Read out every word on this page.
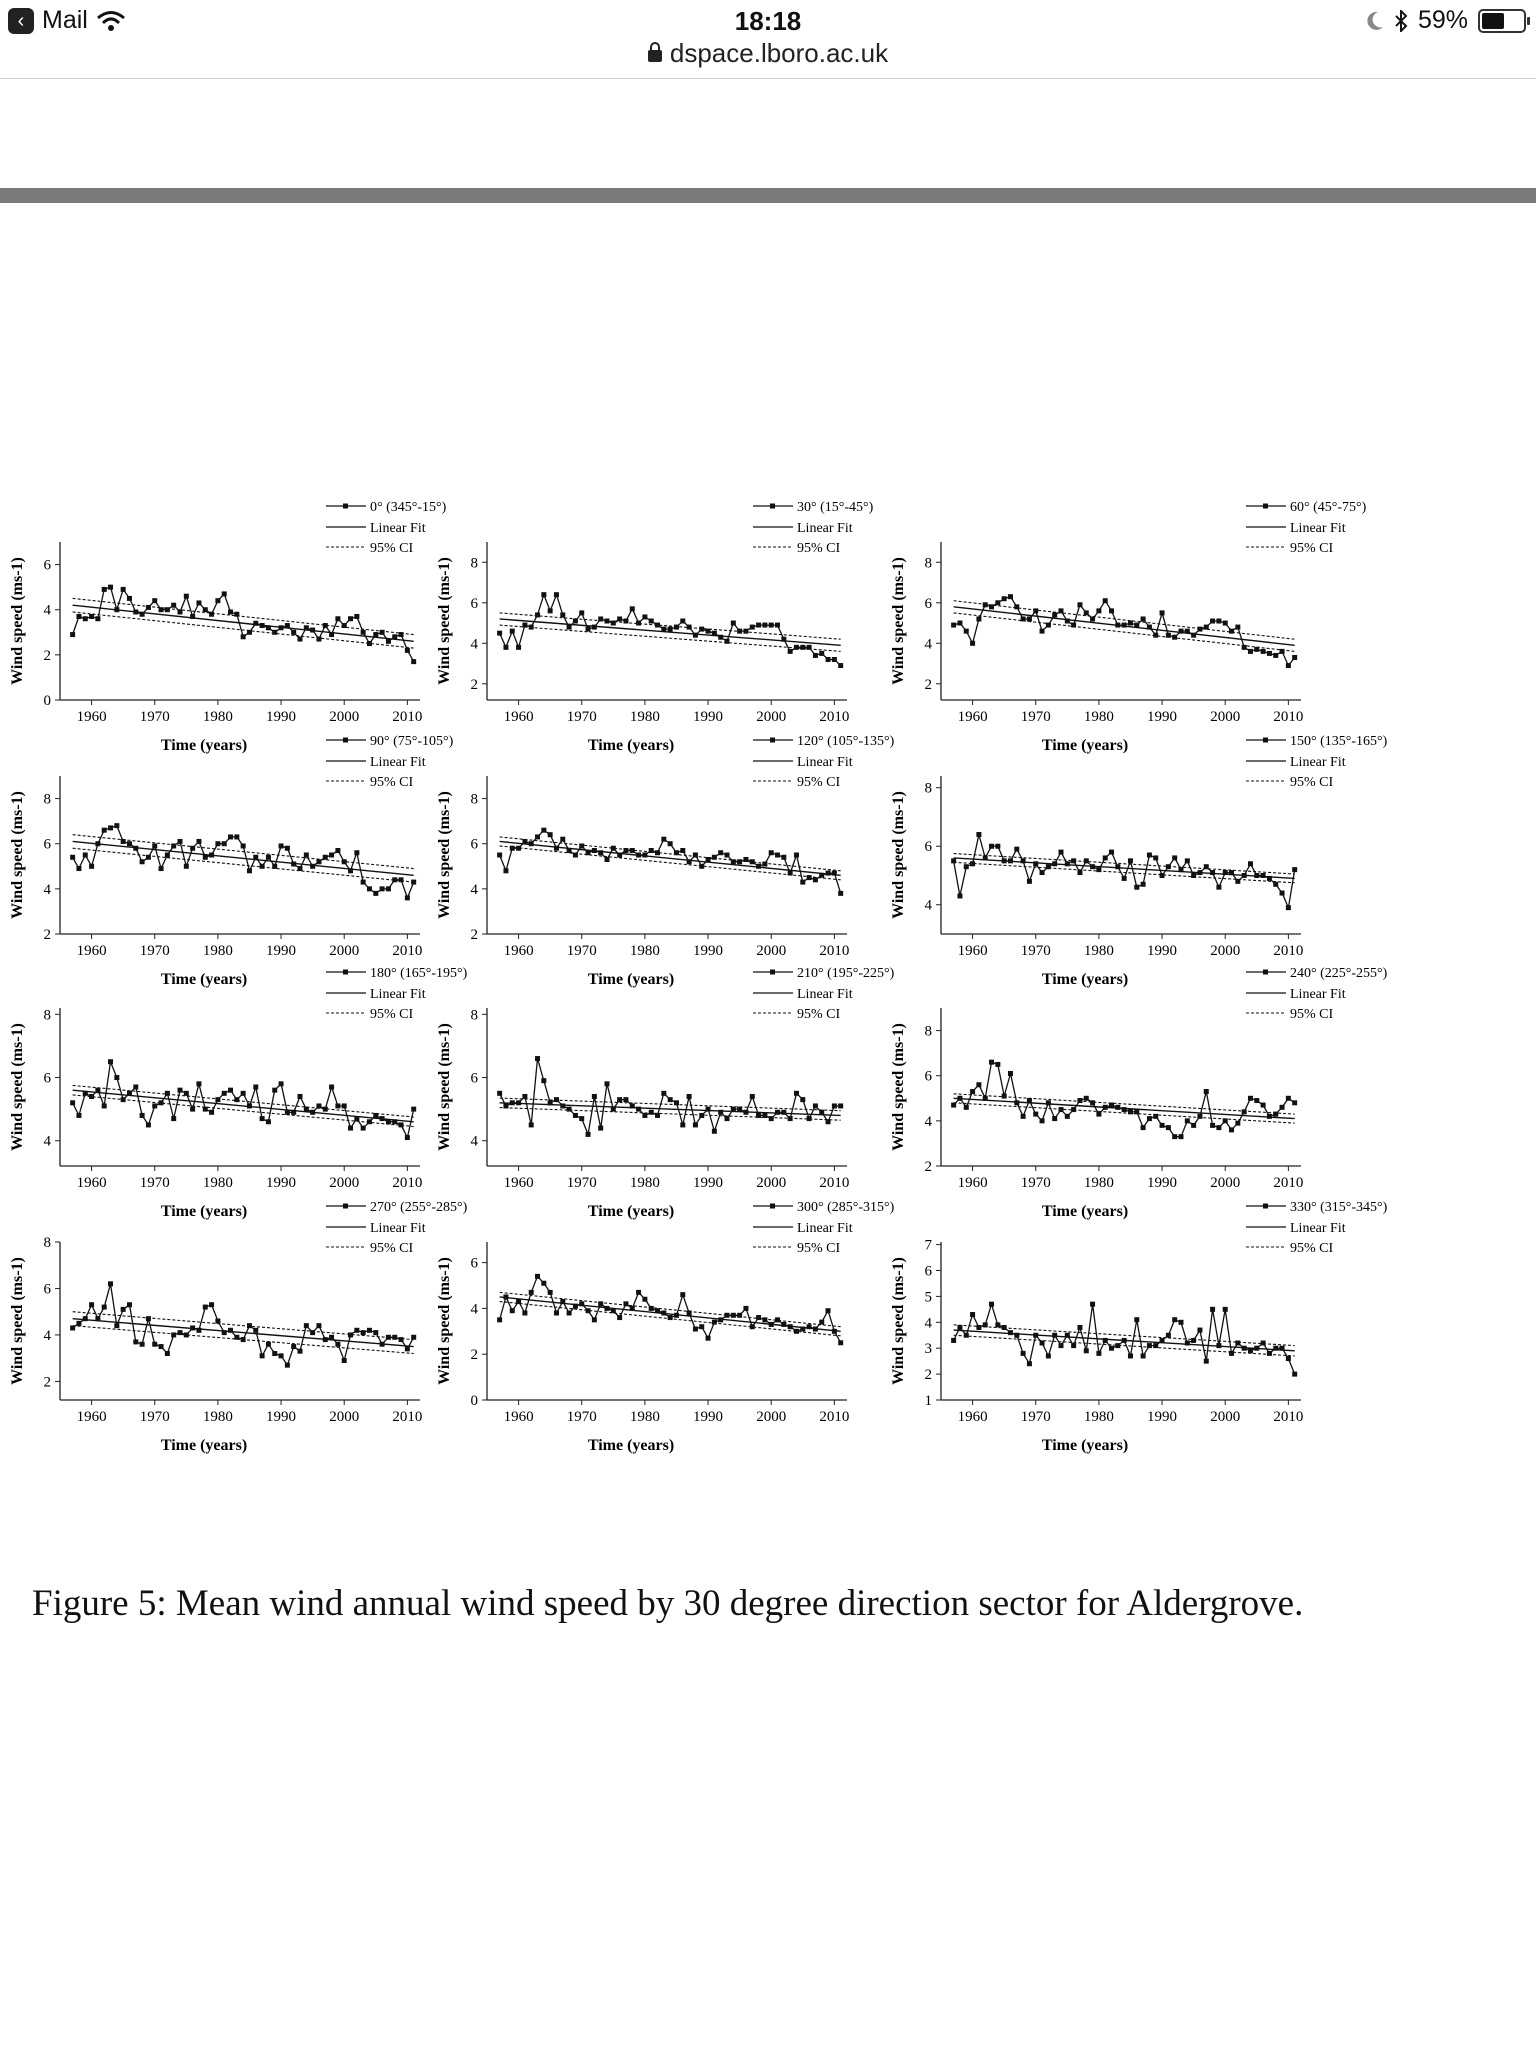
‹ Mail	18:18	59%
dspace.lboro.ac.uk
1960 1970 1980 1990 2000 2010
0
2
4
6
Time (years)
Wind speed (ms-1)
0° (345°-15°)
Linear Fit
95% CI
1960 1970 1980 1990 2000 2010
2
4
6
8
Time (years)
Wind speed (ms-1)
30° (15°-45°)
Linear Fit
95% CI
1960 1970 1980 1990 2000 2010
2
4
6
8
Time (years)
Wind speed (ms-1)
60° (45°-75°)
Linear Fit
95% CI
1960 1970 1980 1990 2000 2010
2
4
6
8
Time (years)
Wind speed (ms-1)
90° (75°-105°)
Linear Fit
95% CI
1960 1970 1980 1990 2000 2010
2
4
6
8
Time (years)
Wind speed (ms-1)
120° (105°-135°)
Linear Fit
95% CI
1960 1970 1980 1990 2000 2010
4
6
8
Time (years)
Wind speed (ms-1)
150° (135°-165°)
Linear Fit
95% CI
1960 1970 1980 1990 2000 2010
4
6
8
Time (years)
Wind speed (ms-1)
180° (165°-195°)
Linear Fit
95% CI
1960 1970 1980 1990 2000 2010
4
6
8
Time (years)
Wind speed (ms-1)
210° (195°-225°)
Linear Fit
95% CI
1960 1970 1980 1990 2000 2010
2
4
6
8
Time (years)
Wind speed (ms-1)
240° (225°-255°)
Linear Fit
95% CI
1960 1970 1980 1990 2000 2010
2
4
6
8
Time (years)
Wind speed (ms-1)
270° (255°-285°)
Linear Fit
95% CI
1960 1970 1980 1990 2000 2010
0
2
4
6
Time (years)
Wind speed (ms-1)
300° (285°-315°)
Linear Fit
95% CI
1960 1970 1980 1990 2000 2010
1
2
3
4
5
6
7
Time (years)
Wind speed (ms-1)
330° (315°-345°)
Linear Fit
95% CI
Figure 5: Mean wind annual wind speed by 30 degree direction sector for Aldergrove.
